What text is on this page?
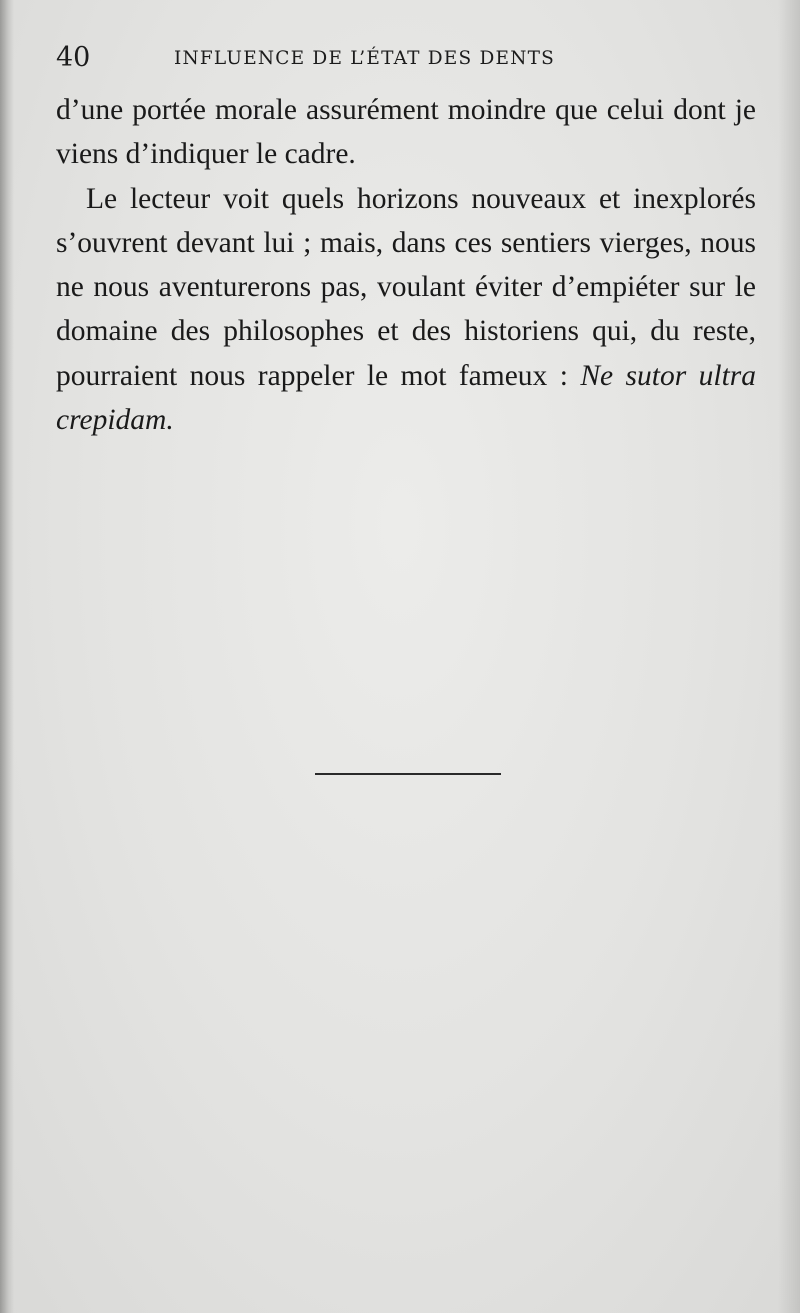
40	INFLUENCE DE L’ÉTAT DES DENTS

d’une portée morale assurément moindre que celui dont je viens d’indiquer le cadre.

Le lecteur voit quels horizons nouveaux et inexplorés s’ouvrent devant lui ; mais, dans ces sentiers vierges, nous ne nous aventurerons pas, voulant éviter d’empiéter sur le domaine des philosophes et des historiens qui, du reste, pourraient nous rappeler le mot fameux : Ne sutor ultra crepidam.
